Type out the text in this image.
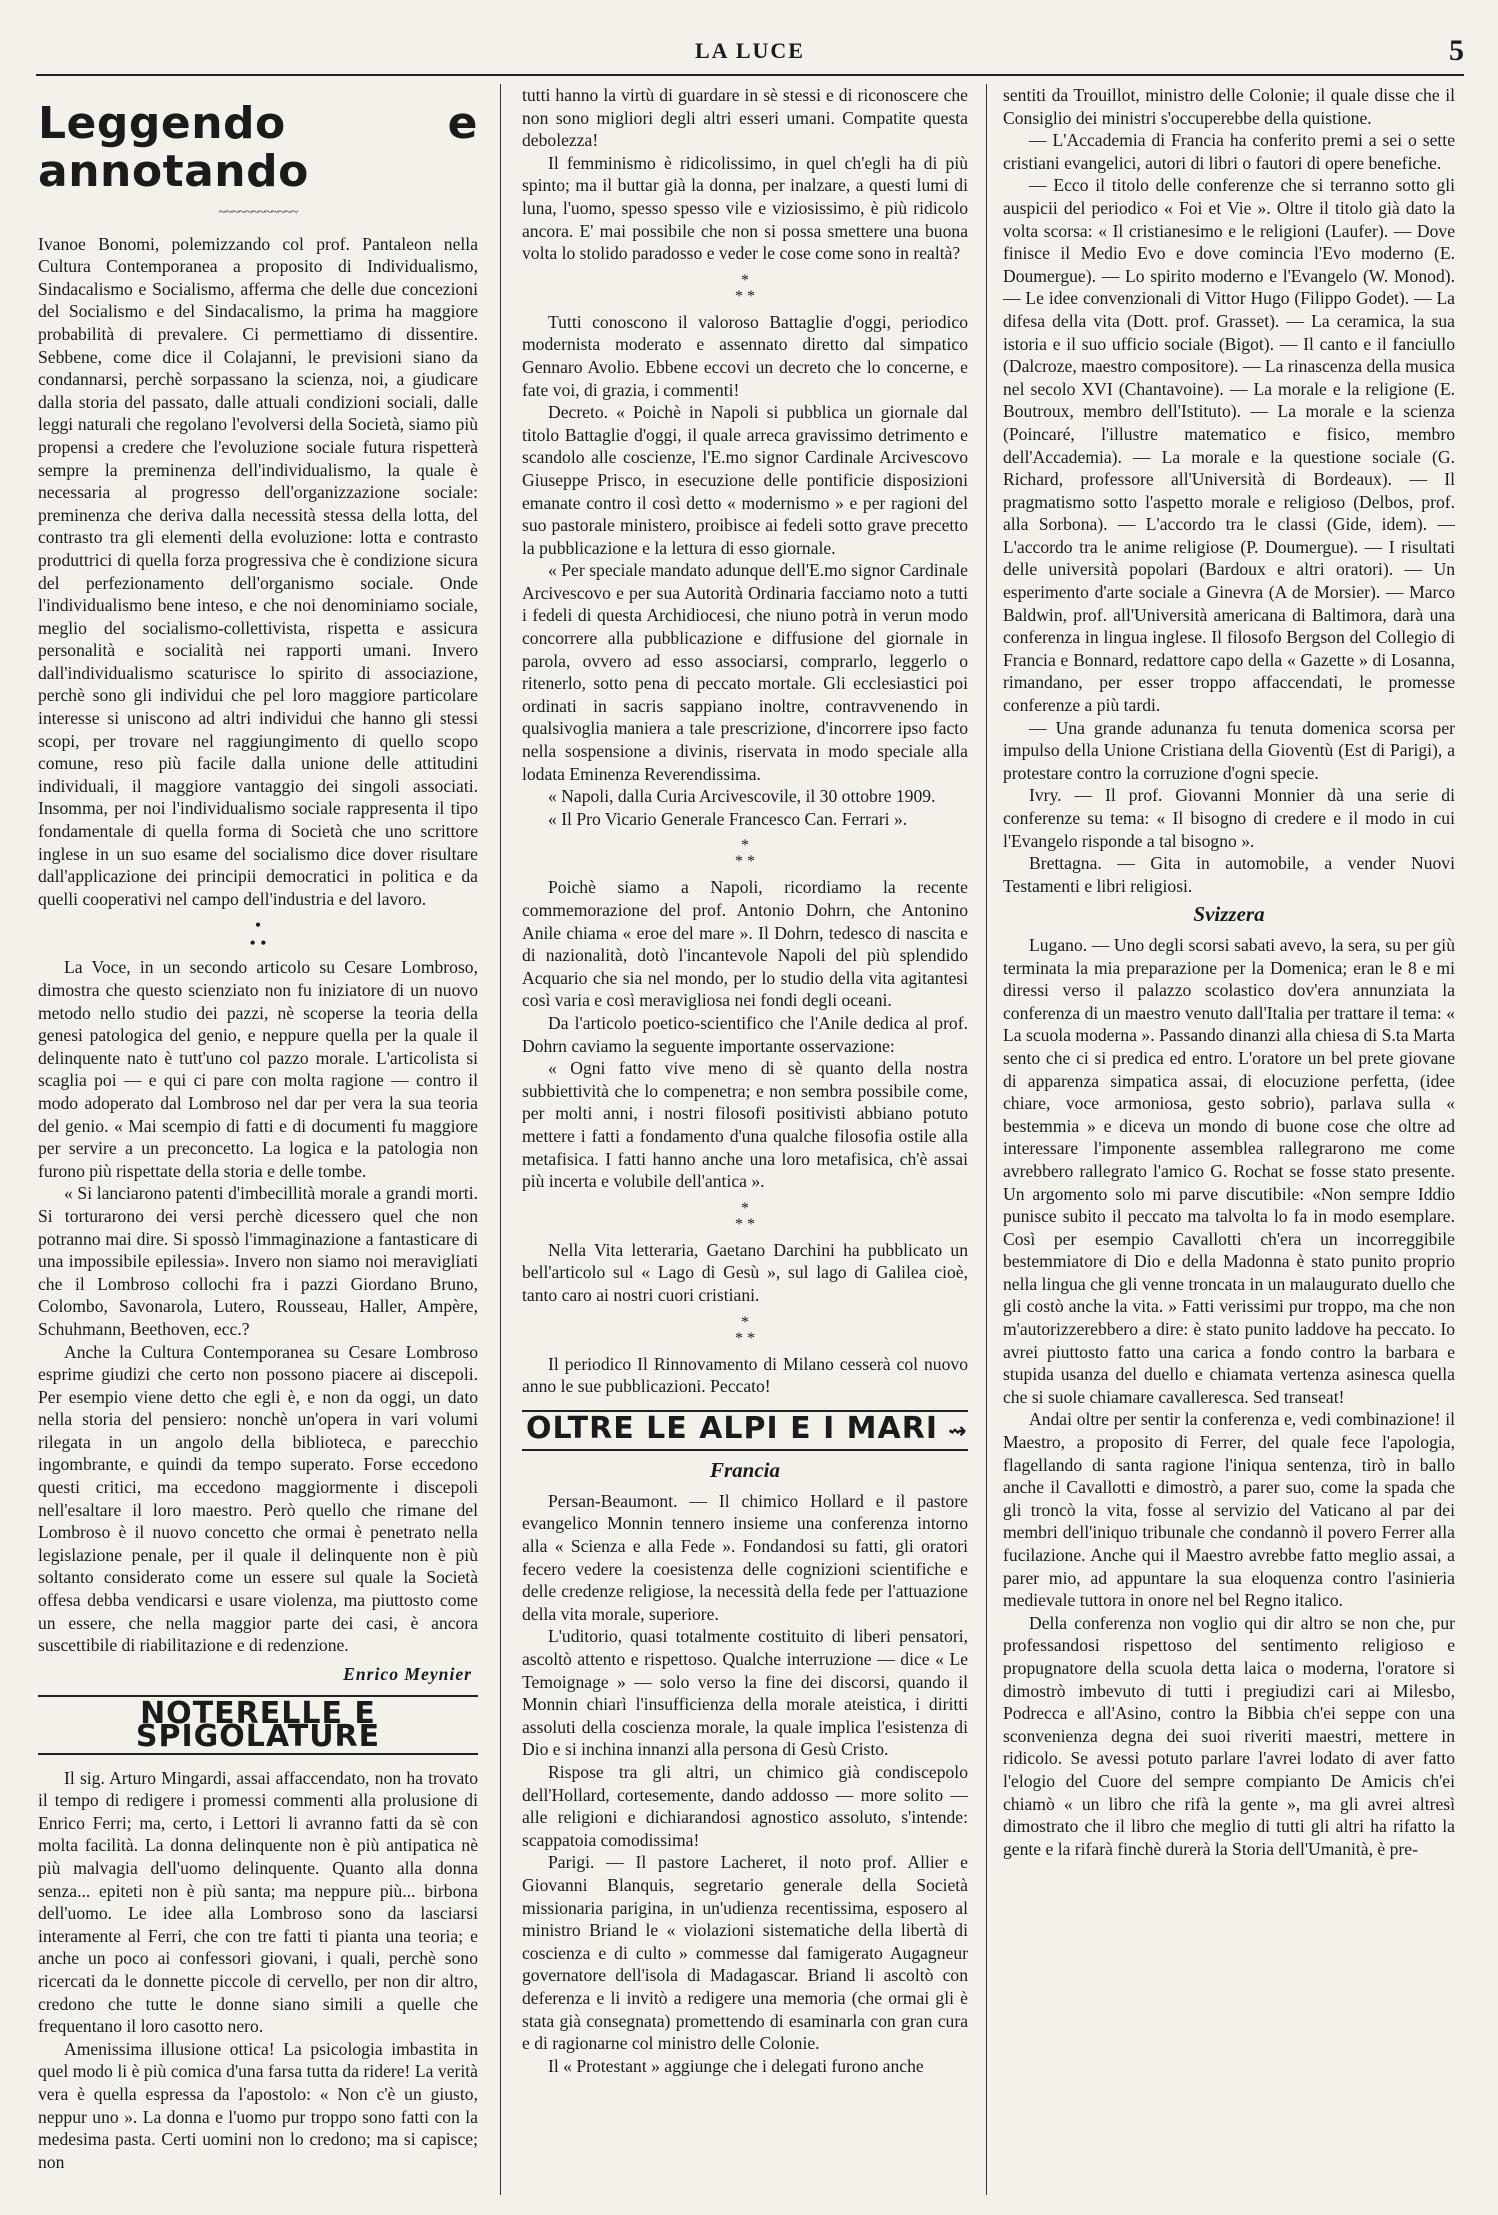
LA LUCE	5
Leggendo e annotando
~~~~~~~~~~~~

Ivanoe Bonomi, polemizzando col prof. Pantaleon nella Cultura Contemporanea a proposito di Individualismo, Sindacalismo e Socialismo, afferma che delle due concezioni del Socialismo e del Sindacalismo, la prima ha maggiore probabilità di prevalere. Ci permettiamo di dissentire. Sebbene, come dice il Colajanni, le previsioni siano da condannarsi, perchè sorpassano la scienza, noi, a giudicare dalla storia del passato, dalle attuali condizioni sociali, dalle leggi naturali che regolano l'evolversi della Società, siamo più propensi a credere che l'evoluzione sociale futura rispetterà sempre la preminenza dell'individualismo, la quale è necessaria al progresso dell'organizzazione sociale: preminenza che deriva dalla necessità stessa della lotta, del contrasto tra gli elementi della evoluzione: lotta e contrasto produttrici di quella forza progressiva che è condizione sicura del perfezionamento dell'organismo sociale. Onde l'individualismo bene inteso, e che noi denominiamo sociale, meglio del socialismo-collettivista, rispetta e assicura personalità e socialità nei rapporti umani. Invero dall'individualismo scaturisce lo spirito di associazione, perchè sono gli individui che pel loro maggiore particolare interesse si uniscono ad altri individui che hanno gli stessi scopi, per trovare nel raggiungimento di quello scopo comune, reso più facile dalla unione delle attitudini individuali, il maggiore vantaggio dei singoli associati. Insomma, per noi l'individualismo sociale rappresenta il tipo fondamentale di quella forma di Società che uno scrittore inglese in un suo esame del socialismo dice dover risultare dall'applicazione dei principii democratici in politica e da quelli cooperativi nel campo dell'industria e del lavoro.

•
• •

La Voce, in un secondo articolo su Cesare Lombroso, dimostra che questo scienziato non fu iniziatore di un nuovo metodo nello studio dei pazzi, nè scoperse la teoria della genesi patologica del genio, e neppure quella per la quale il delinquente nato è tutt'uno col pazzo morale. L'articolista si scaglia poi — e qui ci pare con molta ragione — contro il modo adoperato dal Lombroso nel dar per vera la sua teoria del genio. « Mai scempio di fatti e di documenti fu maggiore per servire a un preconcetto. La logica e la patologia non furono più rispettate della storia e delle tombe.

« Si lanciarono patenti d'imbecillità morale a grandi morti. Si torturarono dei versi perchè dicessero quel che non potranno mai dire. Si spossò l'immaginazione a fantasticare di una impossibile epilessia». Invero non siamo noi meravigliati che il Lombroso collochi fra i pazzi Giordano Bruno, Colombo, Savonarola, Lutero, Rousseau, Haller, Ampère, Schuhmann, Beethoven, ecc.?

Anche la Cultura Contemporanea su Cesare Lombroso esprime giudizi che certo non possono piacere ai discepoli. Per esempio viene detto che egli è, e non da oggi, un dato nella storia del pensiero: nonchè un'opera in vari volumi rilegata in un angolo della biblioteca, e parecchio ingombrante, e quindi da tempo superato. Forse eccedono questi critici, ma eccedono maggiormente i discepoli nell'esaltare il loro maestro. Però quello che rimane del Lombroso è il nuovo concetto che ormai è penetrato nella legislazione penale, per il quale il delinquente non è più soltanto considerato come un essere sul quale la Società offesa debba vendicarsi e usare violenza, ma piuttosto come un essere, che nella maggior parte dei casi, è ancora suscettibile di riabilitazione e di redenzione.

Enrico Meynier
NOTERELLE E SPIGOLATURE

Il sig. Arturo Mingardi, assai affaccendato, non ha trovato il tempo di redigere i promessi commenti alla prolusione di Enrico Ferri; ma, certo, i Lettori li avranno fatti da sè con molta facilità. La donna delinquente non è più antipatica nè più malvagia dell'uomo delinquente. Quanto alla donna senza... epiteti non è più santa; ma neppure più... birbona dell'uomo. Le idee alla Lombroso sono da lasciarsi interamente al Ferri, che con tre fatti ti pianta una teoria; e anche un poco ai confessori giovani, i quali, perchè sono ricercati da le donnette piccole di cervello, per non dir altro, credono che tutte le donne siano simili a quelle che frequentano il loro casotto nero.

Amenissima illusione ottica! La psicologia imbastita in quel modo li è più comica d'una farsa tutta da ridere! La verità vera è quella espressa da l'apostolo: « Non c'è un giusto, neppur uno ». La donna e l'uomo pur troppo sono fatti con la medesima pasta. Certi uomini non lo credono; ma si capisce; non

tutti hanno la virtù di guardare in sè stessi e di riconoscere che non sono migliori degli altri esseri umani. Compatite questa debolezza!

Il femminismo è ridicolissimo, in quel ch'egli ha di più spinto; ma il buttar già la donna, per inalzare, a questi lumi di luna, l'uomo, spesso spesso vile e viziosissimo, è più ridicolo ancora. E' mai possibile che non si possa smettere una buona volta lo stolido paradosso e veder le cose come sono in realtà?

*
* *

Tutti conoscono il valoroso Battaglie d'oggi, periodico modernista moderato e assennato diretto dal simpatico Gennaro Avolio. Ebbene eccovi un decreto che lo concerne, e fate voi, di grazia, i commenti!

Decreto. « Poichè in Napoli si pubblica un giornale dal titolo Battaglie d'oggi, il quale arreca gravissimo detrimento e scandolo alle coscienze, l'E.mo signor Cardinale Arcivescovo Giuseppe Prisco, in esecuzione delle pontificie disposizioni emanate contro il così detto « modernismo » e per ragioni del suo pastorale ministero, proibisce ai fedeli sotto grave precetto la pubblicazione e la lettura di esso giornale.

« Per speciale mandato adunque dell'E.mo signor Cardinale Arcivescovo e per sua Autorità Ordinaria facciamo noto a tutti i fedeli di questa Archidiocesi, che niuno potrà in verun modo concorrere alla pubblicazione e diffusione del giornale in parola, ovvero ad esso associarsi, comprarlo, leggerlo o ritenerlo, sotto pena di peccato mortale. Gli ecclesiastici poi ordinati in sacris sappiano inoltre, contravvenendo in qualsivoglia maniera a tale prescrizione, d'incorrere ipso facto nella sospensione a divinis, riservata in modo speciale alla lodata Eminenza Reverendissima.

« Napoli, dalla Curia Arcivescovile, il 30 ottobre 1909.

« Il Pro Vicario Generale Francesco Can. Ferrari ».

*
* *

Poichè siamo a Napoli, ricordiamo la recente commemorazione del prof. Antonio Dohrn, che Antonino Anile chiama « eroe del mare ». Il Dohrn, tedesco di nascita e di nazionalità, dotò l'incantevole Napoli del più splendido Acquario che sia nel mondo, per lo studio della vita agitantesi così varia e così meravigliosa nei fondi degli oceani.

Da l'articolo poetico-scientifico che l'Anile dedica al prof. Dohrn caviamo la seguente importante osservazione:

« Ogni fatto vive meno di sè quanto della nostra subbiettività che lo compenetra; e non sembra possibile come, per molti anni, i nostri filosofi positivisti abbiano potuto mettere i fatti a fondamento d'una qualche filosofia ostile alla metafisica. I fatti hanno anche una loro metafisica, ch'è assai più incerta e volubile dell'antica ».

*
* *

Nella Vita letteraria, Gaetano Darchini ha pubblicato un bell'articolo sul « Lago di Gesù », sul lago di Galilea cioè, tanto caro ai nostri cuori cristiani.

*
* *

Il periodico Il Rinnovamento di Milano cesserà col nuovo anno le sue pubblicazioni. Peccato!

OLTRE LE ALPI E I MARI ⇝
Francia

Persan-Beaumont. — Il chimico Hollard e il pastore evangelico Monnin tennero insieme una conferenza intorno alla « Scienza e alla Fede ». Fondandosi su fatti, gli oratori fecero vedere la coesistenza delle cognizioni scientifiche e delle credenze religiose, la necessità della fede per l'attuazione della vita morale, superiore.

L'uditorio, quasi totalmente costituito di liberi pensatori, ascoltò attento e rispettoso. Qualche interruzione — dice « Le Temoignage » — solo verso la fine dei discorsi, quando il Monnin chiarì l'insufficienza della morale ateistica, i diritti assoluti della coscienza morale, la quale implica l'esistenza di Dio e si inchina innanzi alla persona di Gesù Cristo.

Rispose tra gli altri, un chimico già condiscepolo dell'Hollard, cortesemente, dando addosso — more solito — alle religioni e dichiarandosi agnostico assoluto, s'intende: scappatoia comodissima!

Parigi. — Il pastore Lacheret, il noto prof. Allier e Giovanni Blanquis, segretario generale della Società missionaria parigina, in un'udienza recentissima, esposero al ministro Briand le « violazioni sistematiche della libertà di coscienza e di culto » commesse dal famigerato Augagneur governatore dell'isola di Madagascar. Briand li ascoltò con deferenza e li invitò a redigere una memoria (che ormai gli è stata già consegnata) promettendo di esaminarla con gran cura e di ragionarne col ministro delle Colonie.

Il « Protestant » aggiunge che i delegati furono anche

sentiti da Trouillot, ministro delle Colonie; il quale disse che il Consiglio dei ministri s'occuperebbe della quistione.

— L'Accademia di Francia ha conferito premi a sei o sette cristiani evangelici, autori di libri o fautori di opere benefiche.

— Ecco il titolo delle conferenze che si terranno sotto gli auspicii del periodico « Foi et Vie ». Oltre il titolo già dato la volta scorsa: « Il cristianesimo e le religioni (Laufer). — Dove finisce il Medio Evo e dove comincia l'Evo moderno (E. Doumergue). — Lo spirito moderno e l'Evangelo (W. Monod). — Le idee convenzionali di Vittor Hugo (Filippo Godet). — La difesa della vita (Dott. prof. Grasset). — La ceramica, la sua istoria e il suo ufficio sociale (Bigot). — Il canto e il fanciullo (Dalcroze, maestro compositore). — La rinascenza della musica nel secolo XVI (Chantavoine). — La morale e la religione (E. Boutroux, membro dell'Istituto). — La morale e la scienza (Poincaré, l'illustre matematico e fisico, membro dell'Accademia). — La morale e la questione sociale (G. Richard, professore all'Università di Bordeaux). — Il pragmatismo sotto l'aspetto morale e religioso (Delbos, prof. alla Sorbona). — L'accordo tra le classi (Gide, idem). — L'accordo tra le anime religiose (P. Doumergue). — I risultati delle università popolari (Bardoux e altri oratori). — Un esperimento d'arte sociale a Ginevra (A de Morsier). — Marco Baldwin, prof. all'Università americana di Baltimora, darà una conferenza in lingua inglese. Il filosofo Bergson del Collegio di Francia e Bonnard, redattore capo della « Gazette » di Losanna, rimandano, per esser troppo affaccendati, le promesse conferenze a più tardi.

— Una grande adunanza fu tenuta domenica scorsa per impulso della Unione Cristiana della Gioventù (Est di Parigi), a protestare contro la corruzione d'ogni specie.

Ivry. — Il prof. Giovanni Monnier dà una serie di conferenze su tema: « Il bisogno di credere e il modo in cui l'Evangelo risponde a tal bisogno ».

Brettagna. — Gita in automobile, a vender Nuovi Testamenti e libri religiosi.

Svizzera

Lugano. — Uno degli scorsi sabati avevo, la sera, su per giù terminata la mia preparazione per la Domenica; eran le 8 e mi diressi verso il palazzo scolastico dov'era annunziata la conferenza di un maestro venuto dall'Italia per trattare il tema: « La scuola moderna ». Passando dinanzi alla chiesa di S.ta Marta sento che ci si predica ed entro. L'oratore un bel prete giovane di apparenza simpatica assai, di elocuzione perfetta, (idee chiare, voce armoniosa, gesto sobrio), parlava sulla « bestemmia » e diceva un mondo di buone cose che oltre ad interessare l'imponente assemblea rallegrarono me come avrebbero rallegrato l'amico G. Rochat se fosse stato presente. Un argomento solo mi parve discutibile: «Non sempre Iddio punisce subito il peccato ma talvolta lo fa in modo esemplare. Così per esempio Cavallotti ch'era un incorreggibile bestemmiatore di Dio e della Madonna è stato punito proprio nella lingua che gli venne troncata in un malaugurato duello che gli costò anche la vita. » Fatti verissimi pur troppo, ma che non m'autorizzerebbero a dire: è stato punito laddove ha peccato. Io avrei piuttosto fatto una carica a fondo contro la barbara e stupida usanza del duello e chiamata vertenza asinesca quella che si suole chiamare cavalleresca. Sed transeat!

Andai oltre per sentir la conferenza e, vedi combinazione! il Maestro, a proposito di Ferrer, del quale fece l'apologia, flagellando di santa ragione l'iniqua sentenza, tirò in ballo anche il Cavallotti e dimostrò, a parer suo, come la spada che gli troncò la vita, fosse al servizio del Vaticano al par dei membri dell'iniquo tribunale che condannò il povero Ferrer alla fucilazione. Anche qui il Maestro avrebbe fatto meglio assai, a parer mio, ad appuntare la sua eloquenza contro l'asinieria medievale tuttora in onore nel bel Regno italico.

Della conferenza non voglio qui dir altro se non che, pur professandosi rispettoso del sentimento religioso e propugnatore della scuola detta laica o moderna, l'oratore si dimostrò imbevuto di tutti i pregiudizi cari ai Milesbo, Podrecca e all'Asino, contro la Bibbia ch'ei seppe con una sconvenienza degna dei suoi riveriti maestri, mettere in ridicolo. Se avessi potuto parlare l'avrei lodato di aver fatto l'elogio del Cuore del sempre compianto De Amicis ch'ei chiamò « un libro che rifà la gente », ma gli avrei altresì dimostrato che il libro che meglio di tutti gli altri ha rifatto la gente e la rifarà finchè durerà la Storia dell'Umanità, è pre-
